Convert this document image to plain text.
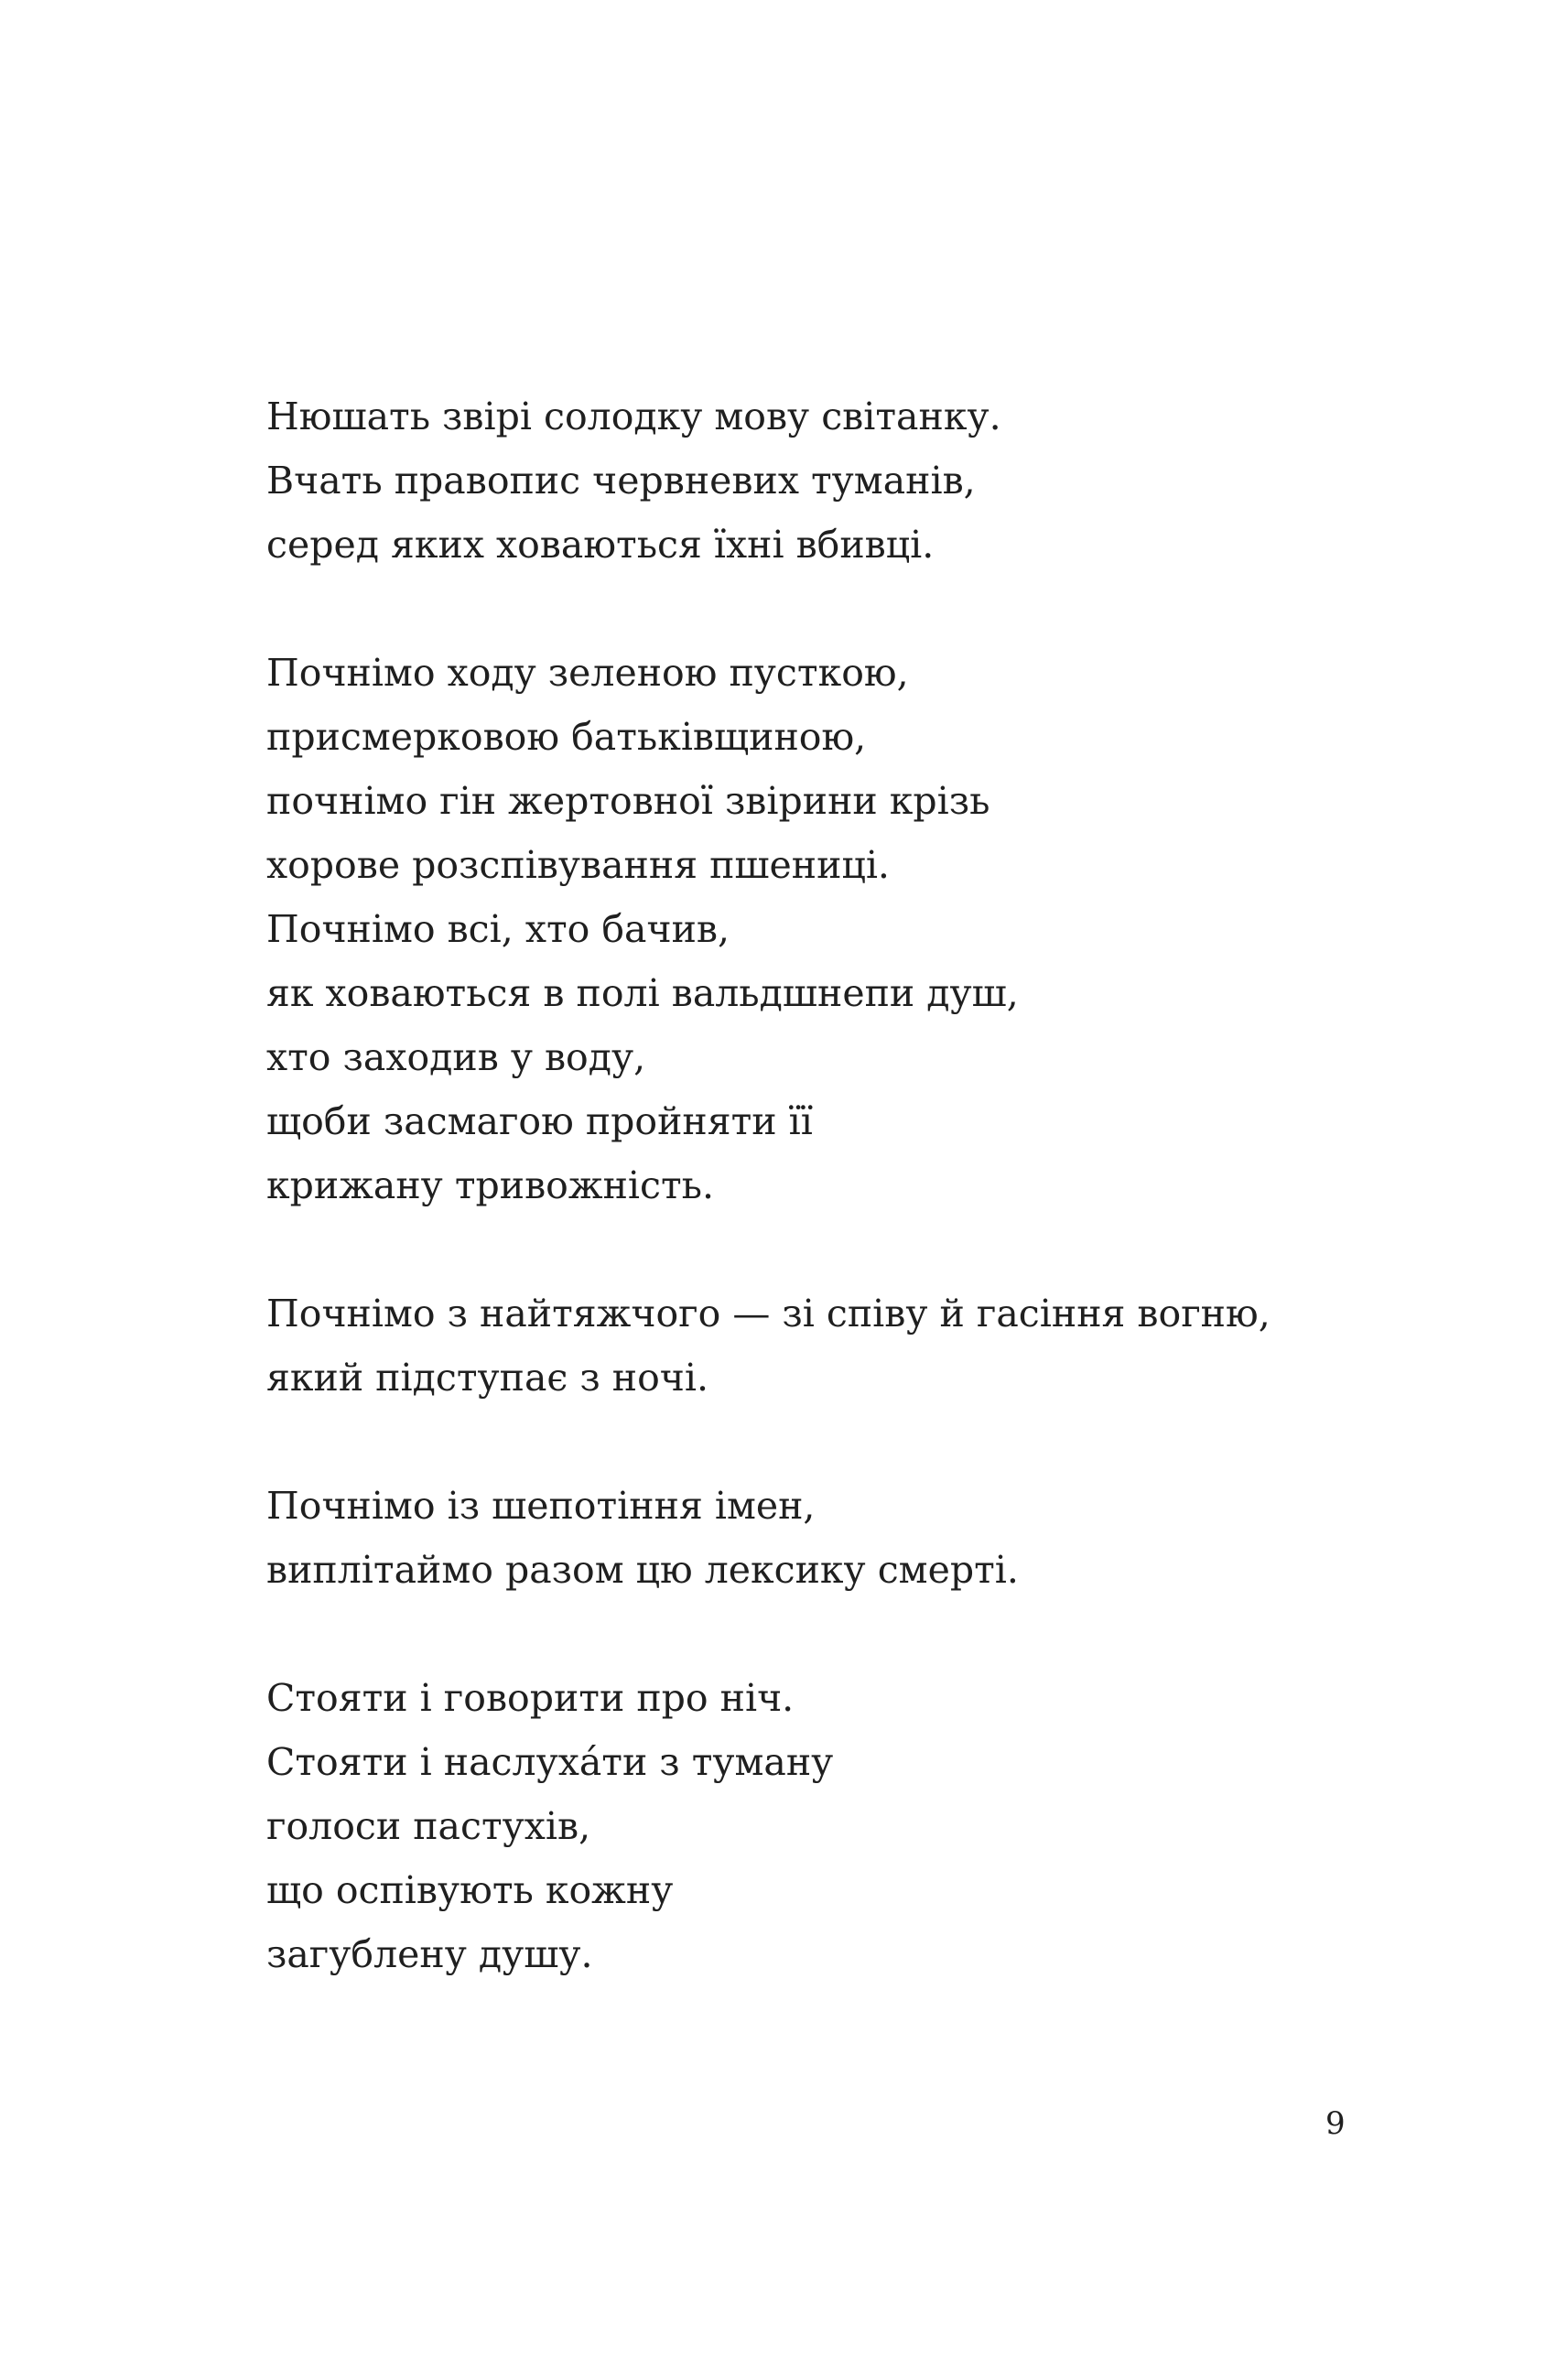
Нюшать звірі солодку мову світанку.
Вчать правопис червневих туманів,
серед яких ховаються їхні вбивці.
Почнімо ходу зеленою пусткою,
присмерковою батьківщиною,
почнімо гін жертовної звірини крізь
хорове розспівування пшениці.
Почнімо всі, хто бачив,
як ховаються в полі вальдшнепи душ,
хто заходив у воду,
щоби засмагою пройняти її
крижану тривожність.
Почнімо з найтяжчого — зі співу й гасіння вогню,
який підступає з ночі.
Почнімо із шепотіння імен,
виплітаймо разом цю лексику смерті.
Стояти і говорити про ніч.
Стояти і наслухáти з туману
голоси пастухів,
що оспівують кожну
загублену душу.
9
